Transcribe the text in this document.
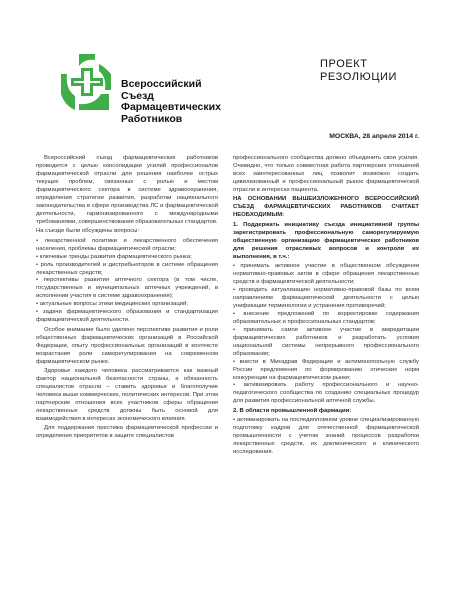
Всероссийский
Съезд
Фармацевтических
Работников
ПРОЕКТ
РЕЗОЛЮЦИИ
МОСКВА, 28 апреля 2014 г.

Всероссийский съезд фармацевтических работников проводится с целью консолидации усилий профессионалов фармацевтической отрасли для решения наиболее острых текущих проблем, связанных с ролью и местом фармацевтического сектора в системе здравоохранения, определения стратегии развития, разработки национального законодательства в сфере производства ЛС и фармацевтической деятельности, гармонизированного с международными требованиями, совершенствования образовательных стандартов.

На съезде были обсуждены вопросы:

• лекарственной политики и лекарственного обеспечения населения, проблемы фармацевтической отрасли;

• ключевые тренды развития фармацевтического рынка;

• роль производителей и дистрибьюторов в системе обращения лекарственных средств;

• перспективы развития аптечного сектора (в том числе, государственных и муниципальных аптечных учреждений, в исполнении участия в системе здравоохранения);

• актуальные вопросы этики медицинских организаций;

• задачи фармацевтического образования и стандартизация фармацевтической деятельности.

Особое внимание было уделено перспективе развития и роли общественных фармацевтических организаций в Российской Федерации, опыту профессиональных организаций в контексте возрастания роли саморегулирования на современном фармацевтическом рынке.

Здоровье каждого человека рассматривается как важный фактор национальной безопасности страны, а обязанность специалистов отрасли – ставить здоровье и благополучие человека выше коммерческих, политических интересов. При этом партнерские отношения всех участников сферы обращения лекарственных средств должны быть основой для взаимодействия в интересах экономического влияния.

Для поддержания престижа фармацевтической профессии и определения приоритетов в защите специалистов

профессионального сообщества должно объединить свои усилия. Очевидно, что только совместная работа партнерских отношений всех заинтересованных лиц позволит возможно создать цивилизованный и профессиональный рынок фармацевтической отрасли в интересах пациента.

НА ОСНОВАНИИ ВЫШЕИЗЛОЖЕННОГО ВСЕРОССИЙСКИЙ СЪЕЗД ФАРМАЦЕВТИЧЕСКИХ РАБОТНИКОВ СЧИТАЕТ НЕОБХОДИМЫМ:

1. Поддержать инициативу съезда инициативной группы зарегистрировать профессиональную саморегулируемую общественную организацию фармацевтических работников для решения отраслевых вопросов и контроля их выполнения, в т.ч.:

• принимать активное участие в общественном обсуждении нормативно-правовых актов в сфере обращения лекарственных средств и фармацевтической деятельности;

• проводить актуализацию нормативно-правовой базы по всем направлениям фармацевтической деятельности с целью унификации терминологии и устранения противоречий;

• внесение предложений по корректировке содержания образовательных и профессиональных стандартов;

• принимать самое активное участие в аккредитации фармацевтических работников и разработать условия национальной системы непрерывного профессионального образования;

• внести в Минздрав Федерации и антимонопольную службу России предложения по формированию этических норм конкуренции на фармацевтическом рынке;

• активизировать работу профессионального и научно-педагогического сообщества по созданию специальных процедур для развития профессиональной аптечной службы.

2. В области промышленной фармации:

• активизировать на последипломном уровне специализированную подготовку кадров для отечественной фармацевтической промышленности с учетом знаний процессов разработки лекарственных средств, их доклинического и клинического исследования.
